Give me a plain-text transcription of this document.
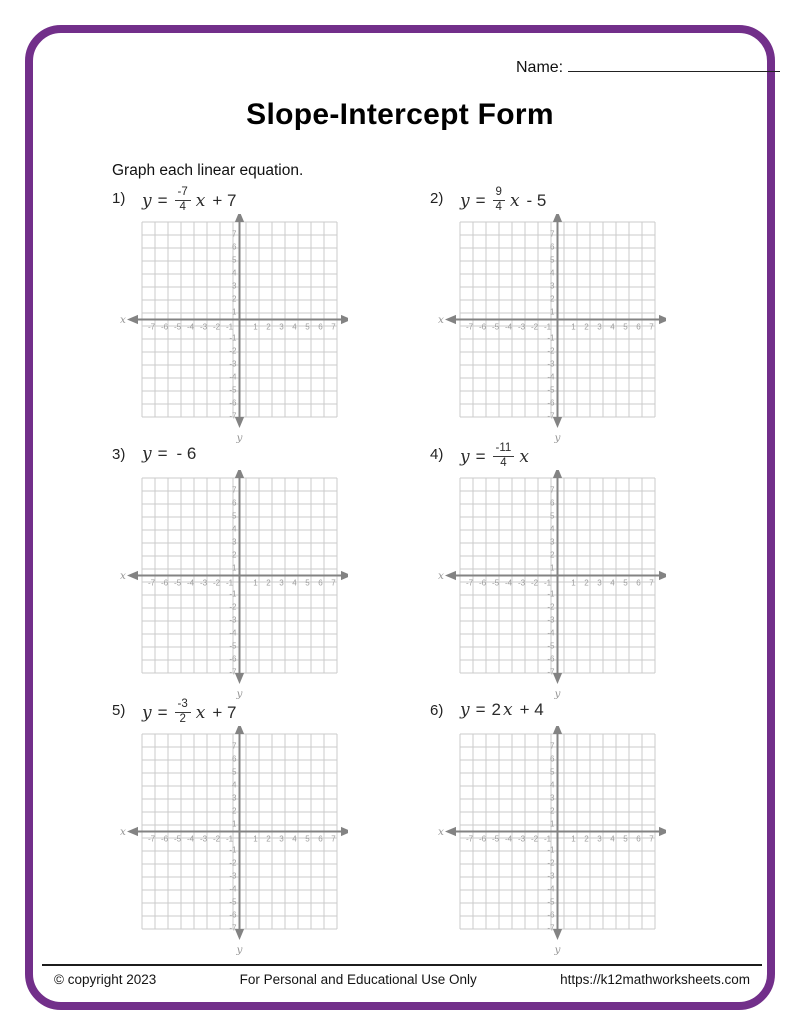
Name:
Slope-Intercept Form
Graph each linear equation.
1) $y = \frac{-7}{4}$ x + 7
-7 -6 -5 -4 -3 -2 -1	1 2 3 4 5 6 7
1
2
3
4
5
6
7
-1
-2
-3
-4
-5
-6
-7
x
y
2) $y = \frac{9}{4}$ x - 5
-7 -6 -5 -4 -3 -2 -1	1 2 3 4 5 6 7
1
2
3
4
5
6
7
-1
-2
-3
-4
-5
-6
-7
x
y
3) y = - 6
-7 -6 -5 -4 -3 -2 -1	1 2 3 4 5 6 7
1
2
3
4
5
6
7
-1
-2
-3
-4
-5
-6
-7
x
y
4) $y = \frac{-11}{4}$ x
-7 -6 -5 -4 -3 -2 -1	1 2 3 4 5 6 7
1
2
3
4
5
6
7
-1
-2
-3
-4
-5
-6
-7
x
y
5) $y = \frac{-3}{2}$ x + 7
-7 -6 -5 -4 -3 -2 -1	1 2 3 4 5 6 7
1
2
3
4
5
6
7
-1
-2
-3
-4
-5
-6
-7
x
y
6) y = 2 x + 4
-7 -6 -5 -4 -3 -2 -1	1 2 3 4 5 6 7
1
2
3
4
5
6
7
-1
-2
-3
-4
-5
-6
-7
x
y
© copyright 2023	For Personal and Educational Use Only	https://k12mathworksheets.com
